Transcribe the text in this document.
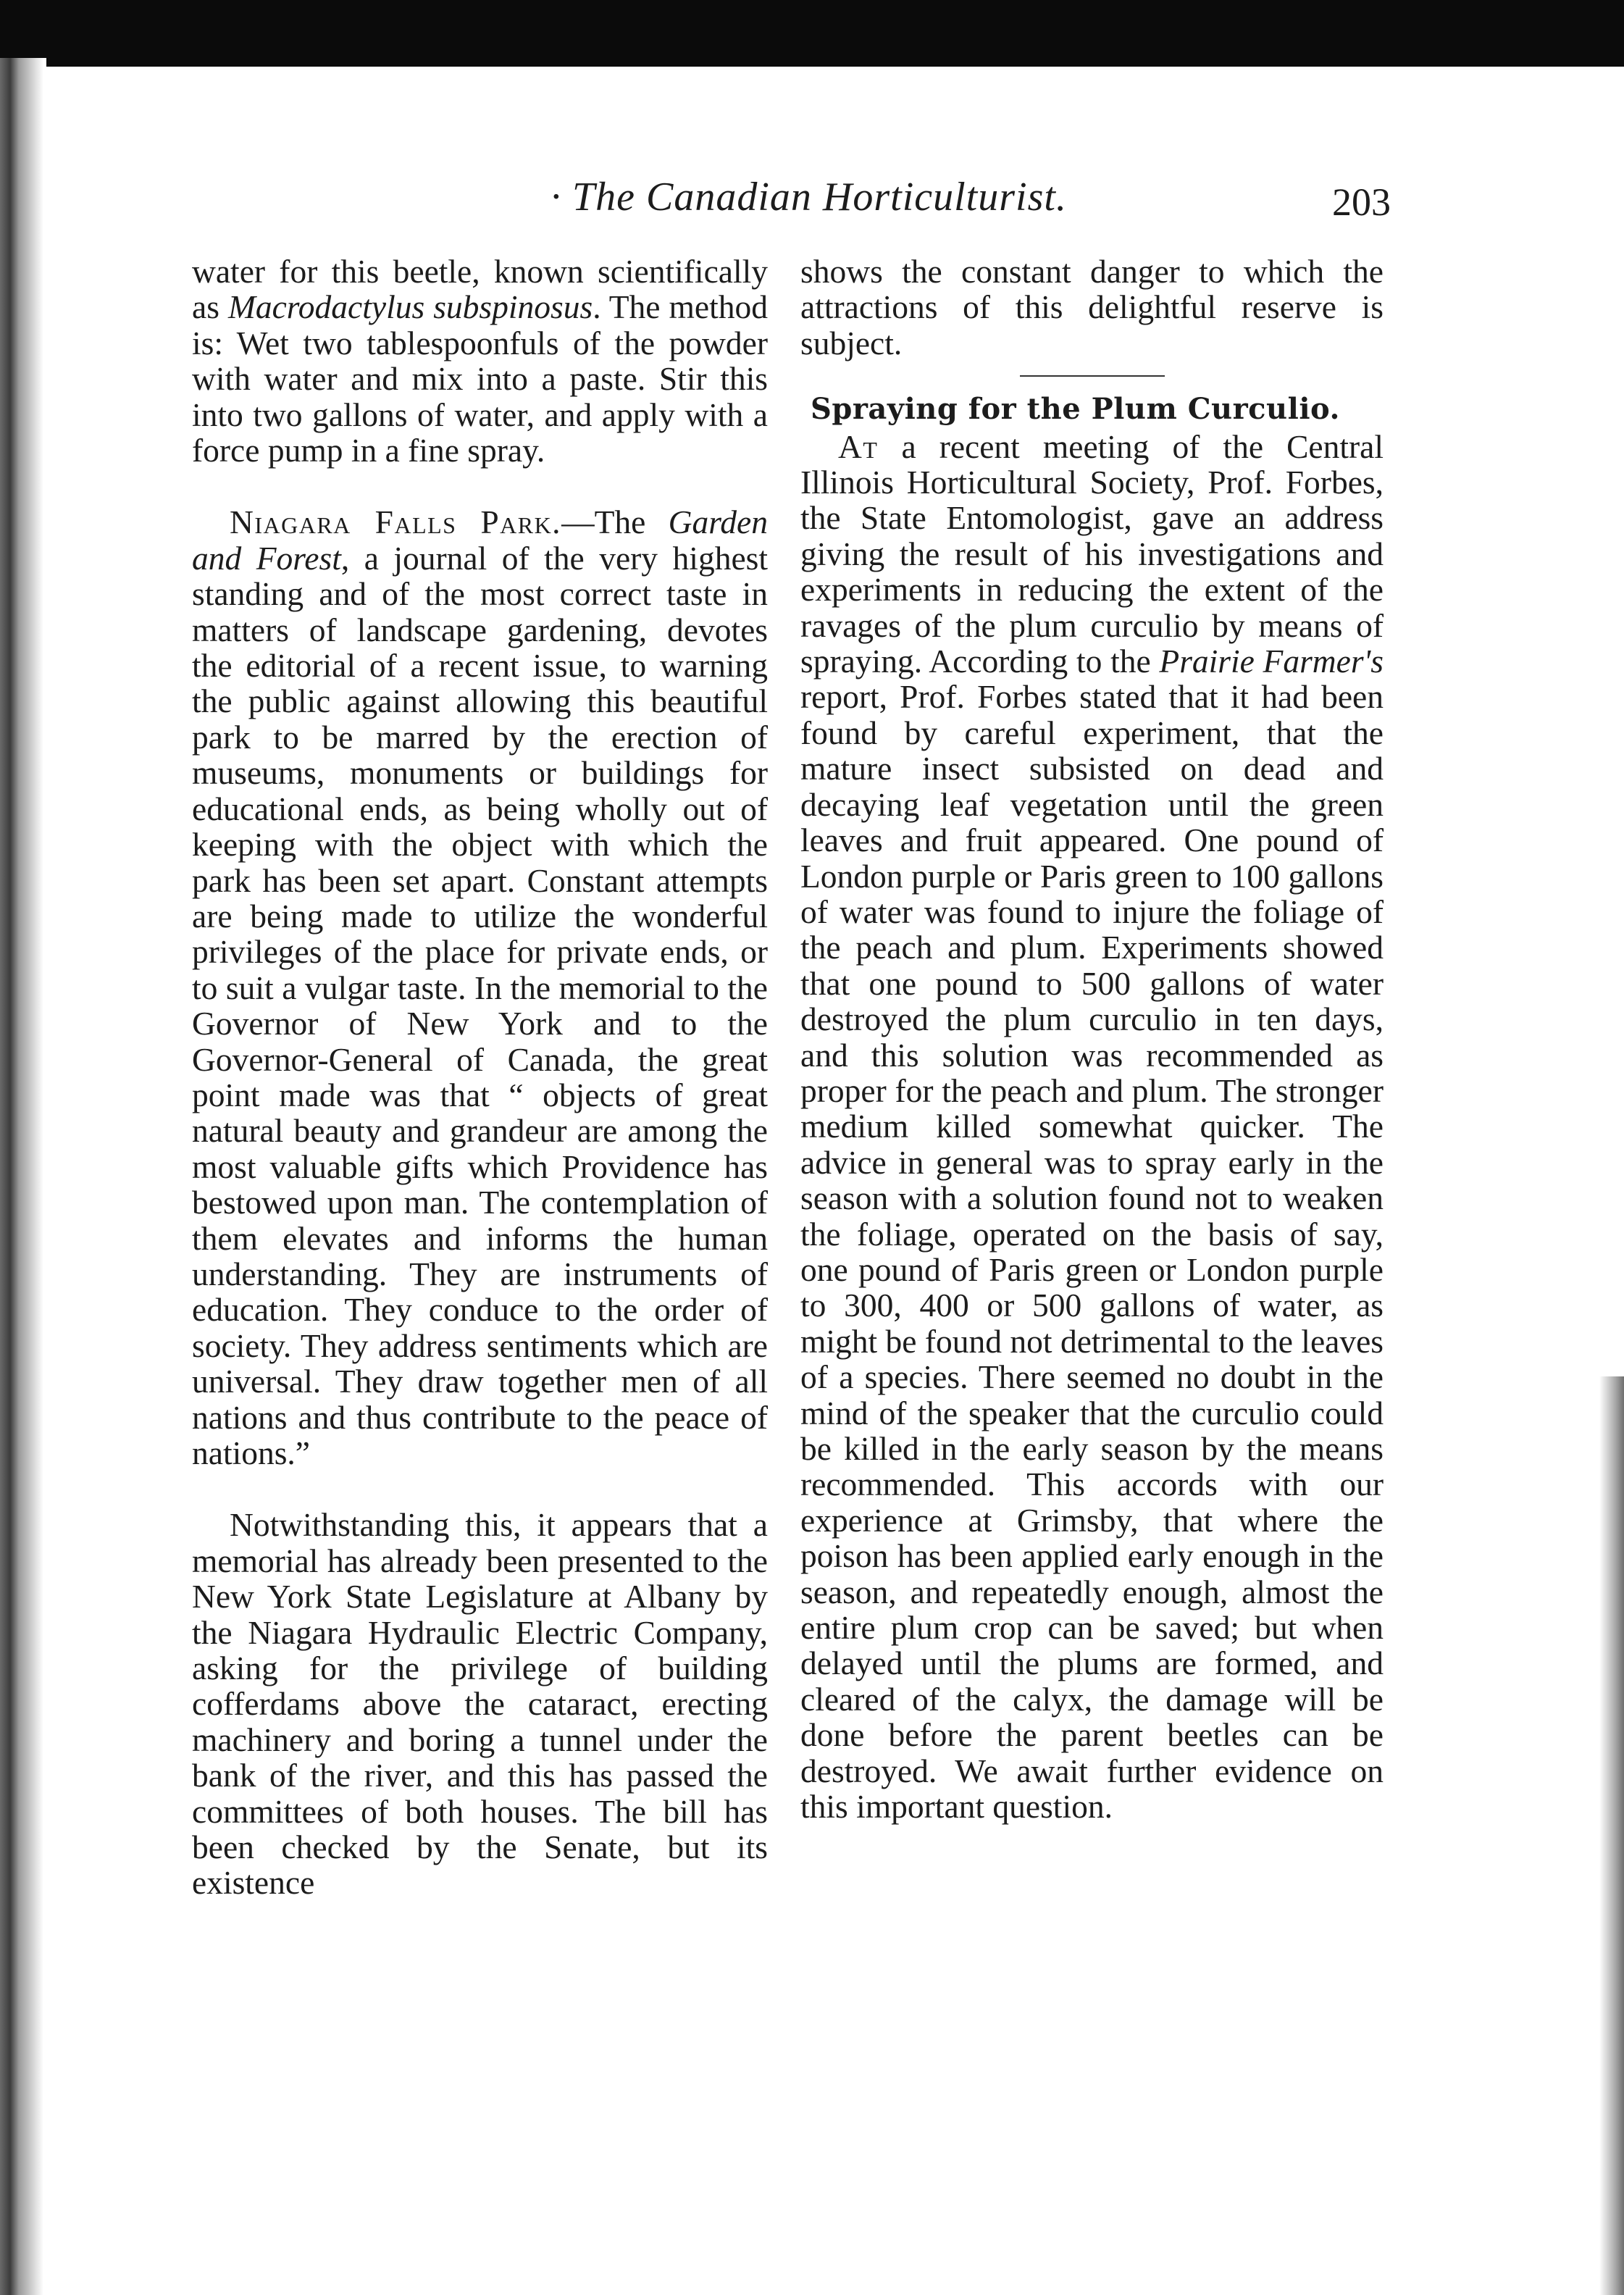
· The Canadian Horticulturist.	203

water for this beetle, known scientifically as Macrodactylus subspinosus. The method is: Wet two tablespoonfuls of the powder with water and mix into a paste. Stir this into two gallons of water, and apply with a force pump in a fine spray.

Niagara Falls Park.—The Garden and Forest, a journal of the very highest standing and of the most correct taste in matters of landscape gardening, devotes the editorial of a recent issue, to warning the public against allowing this beautiful park to be marred by the erection of museums, monuments or buildings for educational ends, as being wholly out of keeping with the object with which the park has been set apart. Constant attempts are being made to utilize the wonderful privileges of the place for private ends, or to suit a vulgar taste. In the memorial to the Governor of New York and to the Governor-General of Canada, the great point made was that “ objects of great natural beauty and grandeur are among the most valuable gifts which Providence has bestowed upon man. The contemplation of them elevates and informs the human understanding. They are instruments of education. They conduce to the order of society. They address sentiments which are universal. They draw together men of all nations and thus contribute to the peace of nations.”

Notwithstanding this, it appears that a memorial has already been presented to the New York State Legislature at Albany by the Niagara Hydraulic Electric Company, asking for the privilege of building cofferdams above the cataract, erecting machinery and boring a tunnel under the bank of the river, and this has passed the committees of both houses. The bill has been checked by the Senate, but its existence

shows the constant danger to which the attractions of this delightful reserve is subject.

Spraying for the Plum Curculio.

At a recent meeting of the Central Illinois Horticultural Society, Prof. Forbes, the State Entomologist, gave an address giving the result of his investigations and experiments in reducing the extent of the ravages of the plum curculio by means of spraying. According to the Prairie Farmer's report, Prof. Forbes stated that it had been found by careful experiment, that the mature insect subsisted on dead and decaying leaf vegetation until the green leaves and fruit appeared. One pound of London purple or Paris green to 100 gallons of water was found to injure the foliage of the peach and plum. Experiments showed that one pound to 500 gallons of water destroyed the plum curculio in ten days, and this solution was recommended as proper for the peach and plum. The stronger medium killed somewhat quicker. The advice in general was to spray early in the season with a solution found not to weaken the foliage, operated on the basis of say, one pound of Paris green or London purple to 300, 400 or 500 gallons of water, as might be found not detrimental to the leaves of a species. There seemed no doubt in the mind of the speaker that the curculio could be killed in the early season by the means recommended. This accords with our experience at Grimsby, that where the poison has been applied early enough in the season, and repeatedly enough, almost the entire plum crop can be saved; but when delayed until the plums are formed, and cleared of the calyx, the damage will be done before the parent beetles can be destroyed. We await further evidence on this important question.
